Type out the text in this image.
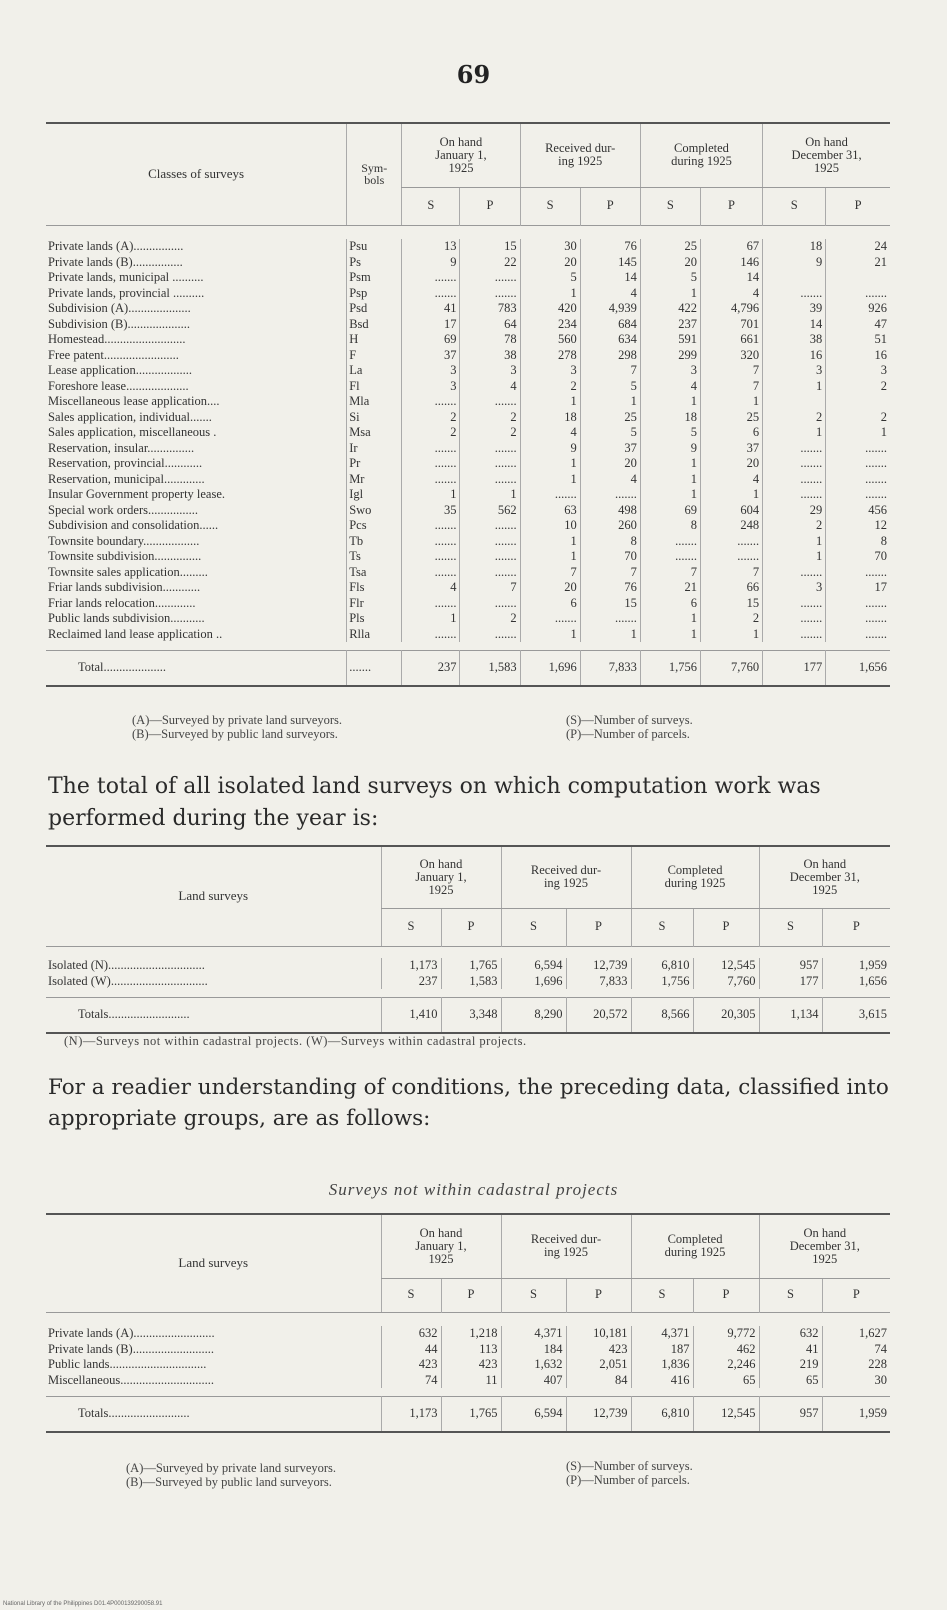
69
Classes of surveys	Sym-
bols	On hand
January 1,
1925		Received dur-
ing 1925		Completed
during 1925		On hand
December 31,
1925	
		S	P	S	P	S	P	S	P

Private lands (A)................	Psu	13	15	30	76	25	67	18	24
Private lands (B)................	Ps	9	22	20	145	20	146	9	21
Private lands, municipal ..........	Psm	.......	.......	5	14	5	14		
Private lands, provincial ..........	Psp	.......	.......	1	4	1	4	.......	.......
Subdivision (A)....................	Psd	41	783	420	4,939	422	4,796	39	926
Subdivision (B)....................	Bsd	17	64	234	684	237	701	14	47
Homestead..........................	H	69	78	560	634	591	661	38	51
Free patent........................	F	37	38	278	298	299	320	16	16
Lease application..................	La	3	3	3	7	3	7	3	3
Foreshore lease....................	Fl	3	4	2	5	4	7	1	2
Miscellaneous lease application....	Mla	.......	.......	1	1	1	1		
Sales application, individual.......	Si	2	2	18	25	18	25	2	2
Sales application, miscellaneous .	Msa	2	2	4	5	5	6	1	1
Reservation, insular...............	Ir	.......	.......	9	37	9	37	.......	.......
Reservation, provincial............	Pr	.......	.......	1	20	1	20	.......	.......
Reservation, municipal.............	Mr	.......	.......	1	4	1	4	.......	.......
Insular Government property lease.	Igl	1	1	.......	.......	1	1	.......	.......
Special work orders................	Swo	35	562	63	498	69	604	29	456
Subdivision and consolidation......	Pcs	.......	.......	10	260	8	248	2	12
Townsite boundary..................	Tb	.......	.......	1	8	.......	.......	1	8
Townsite subdivision...............	Ts	.......	.......	1	70	.......	.......	1	70
Townsite sales application.........	Tsa	.......	.......	7	7	7	7	.......	.......
Friar lands subdivision............	Fls	4	7	20	76	21	66	3	17
Friar lands relocation.............	Flr	.......	.......	6	15	6	15	.......	.......
Public lands subdivision...........	Pls	1	2	.......	.......	1	2	.......	.......
Reclaimed land lease application ..	Rlla	.......	.......	1	1	1	1	.......	.......

Total....................	.......	237	1,583	1,696	7,833	1,756	7,760	177	1,656
(A)—Surveyed by private land surveyors.
(B)—Surveyed by public land surveyors.
(S)—Number of surveys.
(P)—Number of parcels.
The total of all isolated land surveys on which computation work was performed during the year is:
Land surveys	On hand
January 1,
1925		Received dur-
ing 1925		Completed
during 1925		On hand
December 31,
1925	
	S	P	S	P	S	P	S	P

Isolated (N)...............................	1,173	1,765	6,594	12,739	6,810	12,545	957	1,959
Isolated (W)...............................	237	1,583	1,696	7,833	1,756	7,760	177	1,656

Totals..........................	1,410	3,348	8,290	20,572	8,566	20,305	1,134	3,615
(N)—Surveys not within cadastral projects. (W)—Surveys within cadastral projects.
For a readier understanding of conditions, the preceding data, classified into appropriate groups, are as follows:
Surveys not within cadastral projects
Land surveys	On hand
January 1,
1925		Received dur-
ing 1925		Completed
during 1925		On hand
December 31,
1925	
	S	P	S	P	S	P	S	P

Private lands (A)..........................	632	1,218	4,371	10,181	4,371	9,772	632	1,627
Private lands (B)..........................	44	113	184	423	187	462	41	74
Public lands...............................	423	423	1,632	2,051	1,836	2,246	219	228
Miscellaneous..............................	74	11	407	84	416	65	65	30

Totals..........................	1,173	1,765	6,594	12,739	6,810	12,545	957	1,959
(A)—Surveyed by private land surveyors.
(B)—Surveyed by public land surveyors.
(S)—Number of surveys.
(P)—Number of parcels.
National Library of the Philippines D01.4P000139290058.91
